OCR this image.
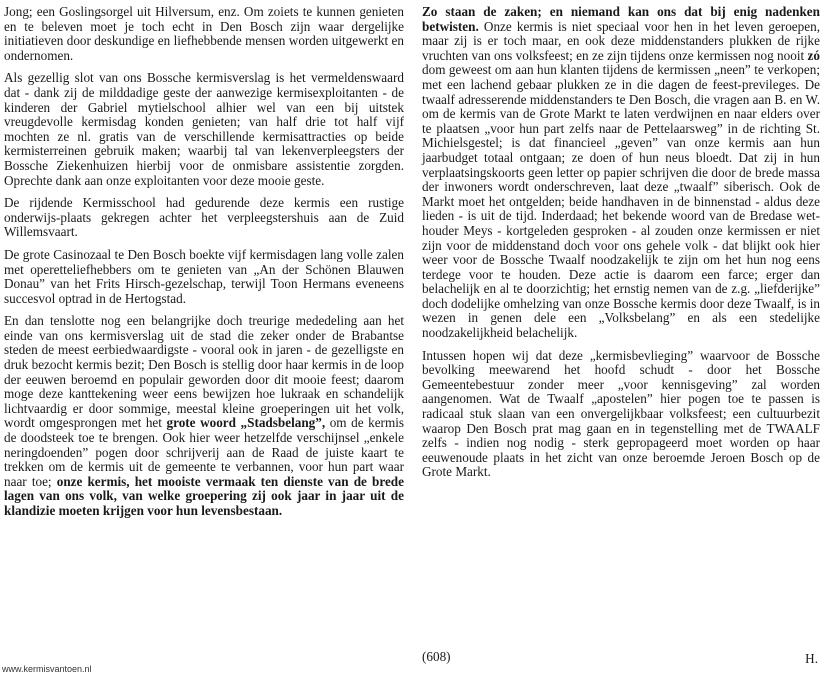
Jong; een Goslingsorgel uit Hilversum, enz. Om zoiets te kunnen genieten en te beleven moet je toch echt in Den Bosch zijn waar dergelijke initiatieven door deskundige en liefhebbende mensen worden uitgewerkt en ondernomen.

Als gezellig slot van ons Bossche kermisverslag is het vermeldenswaard dat - dank zij de milddadige geste der aanwezige kermisexploitanten - de kinderen der Gabriel mytielschool alhier wel van een bij uitstek vreugdevolle kermisdag konden genieten; van half drie tot half vijf mochten ze nl. gratis van de verschillende kermisattracties op beide kermisterreinen gebruik maken; waarbij tal van lekenverpleegsters der Bossche Ziekenhuizen hierbij voor de onmisbare assistentie zorgden. Oprechte dank aan onze exploitanten voor deze mooie geste.

De rijdende Kermisschool had gedurende deze kermis een rustige onderwijs-plaats gekregen achter het verpleegstershuis aan de Zuid Willemsvaart.

De grote Casinozaal te Den Bosch boekte vijf kermisdagen lang volle zalen met operetteliefhebbers om te genieten van „An der Schönen Blauwen Donau” van het Frits Hirsch-gezelschap, terwijl Toon Hermans eveneens succesvol optrad in de Hertogstad.

En dan tenslotte nog een belangrijke doch treurige mededeling aan het einde van ons kermisverslag uit de stad die zeker onder de Brabantse steden de meest eerbiedwaardigste - vooral ook in jaren - de gezelligste en druk bezocht kermis bezit; Den Bosch is stellig door haar kermis in de loop der eeuwen beroemd en populair geworden door dit mooie feest; daarom moge deze kanttekening weer eens bewijzen hoe lukraak en schandelijk lichtvaardig er door sommige, meestal kleine groeperingen uit het volk, wordt omgesprongen met het grote woord „Stadsbelang”, om de kermis de doodsteek toe te brengen. Ook hier weer hetzelfde verschijnsel „enkele neringdoenden” pogen door schrijverij aan de Raad de juiste kaart te trekken om de kermis uit de gemeente te verbannen, voor hun part waar naar toe; onze kermis, het mooiste vermaak ten dienste van de brede lagen van ons volk, van welke groepering zij ook jaar in jaar uit de klandizie moeten krijgen voor hun levensbestaan.

Zo staan de zaken; en niemand kan ons dat bij enig nadenken betwisten. Onze kermis is niet speciaal voor hen in het leven geroepen, maar zij is er toch maar, en ook deze middenstanders plukken de rijke vruchten van ons volksfeest; en ze zijn tijdens onze kermissen nog nooit zó dom geweest om aan hun klanten tijdens de kermissen „neen” te verkopen; met een lachend gebaar plukken ze in die dagen de feest-previleges. De twaalf adresserende middenstanders te Den Bosch, die vragen aan B. en W. om de kermis van de Grote Markt te laten verdwijnen en naar elders over te plaatsen „voor hun part zelfs naar de Pettelaarsweg” in de richting St. Michielsgestel; is dat financieel „geven” van onze kermis aan hun jaarbudget totaal ontgaan; ze doen of hun neus bloedt. Dat zij in hun verplaatsingskoorts geen letter op papier schrijven die door de brede massa der inwoners wordt onderschreven, laat deze „twaalf” siberisch. Ook de Markt moet het ontgelden; beide handhaven in de binnenstad - aldus deze lieden - is uit de tijd. Inderdaad; het bekende woord van de Bredase wethouder Meys - kortgeleden gesproken - al zouden onze kermissen er niet zijn voor de middenstand doch voor ons gehele volk - dat blijkt ook hier weer voor de Bossche Twaalf noodzakelijk te zijn om het hun nog eens terdege voor te houden. Deze actie is daarom een farce; erger dan belachelijk en al te doorzichtig; het ernstig nemen van de z.g. „liefderijke” doch dodelijke omhelzing van onze Bossche kermis door deze Twaalf, is in wezen in genen dele een „Volksbelang” en als een stedelijke noodzakelijkheid belachelijk.

Intussen hopen wij dat deze „kermisbevlieging” waarvoor de Bossche bevolking meewarend het hoofd schudt - door het Bossche Gemeentebestuur zonder meer „voor kennisgeving” zal worden aangenomen. Wat de Twaalf „apostelen” hier pogen toe te passen is radicaal stuk slaan van een onvergelijkbaar volksfeest; een cultuurbezit waarop Den Bosch prat mag gaan en in tegenstelling met de TWAALF zelfs - indien nog nodig - sterk gepropageerd moet worden op haar eeuwenoude plaats in het zicht van onze beroemde Jeroen Bosch op de Grote Markt.

(608)	H.
www.kermisvantoen.nl
